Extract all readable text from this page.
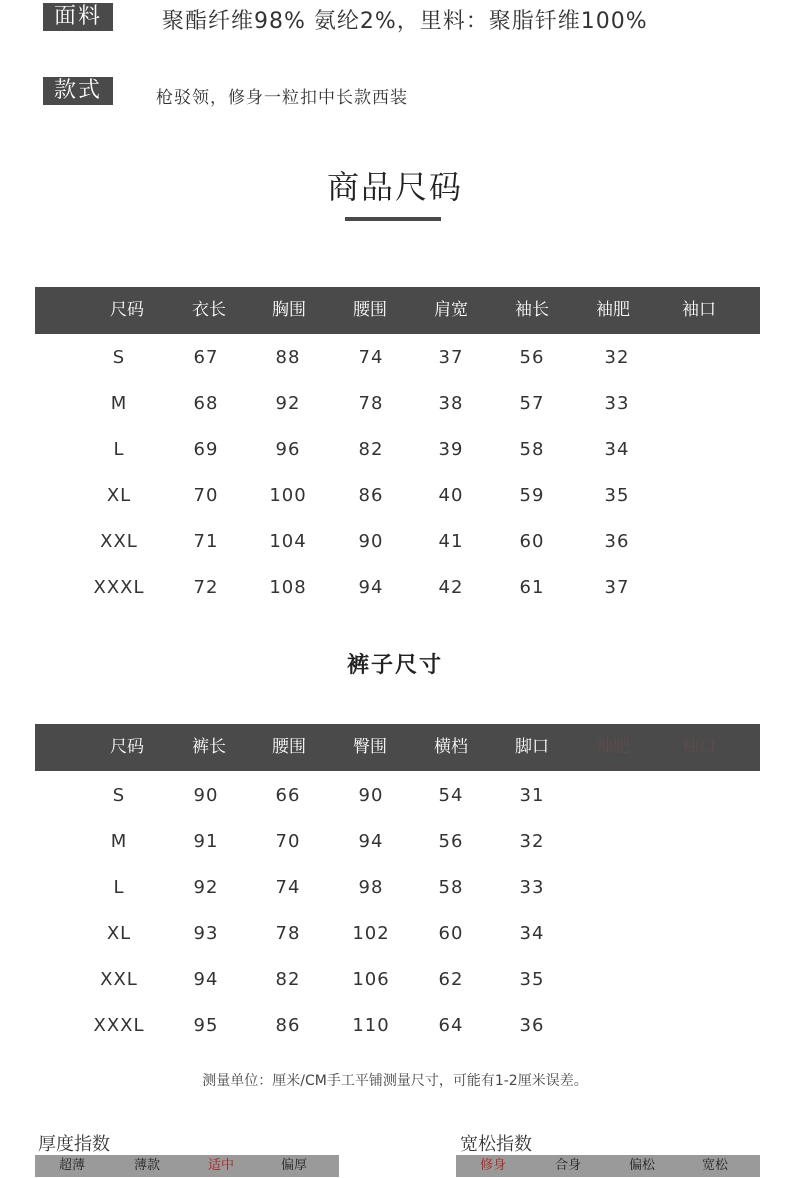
面料	聚酯纤维98% 氨纶2%，里料：聚脂钎维100%
款式	枪驳领，修身一粒扣中长款西装
商品尺码
尺码	衣长	胸围	腰围	肩宽	袖长	袖肥	袖口
S	67	88	74	37	56	32
M	68	92	78	38	57	33
L	69	96	82	39	58	34
XL	70	100	86	40	59	35
XXL	71	104	90	41	60	36
XXXL	72	108	94	42	61	37
裤子尺寸
尺码	裤长	腰围	臀围	横档	脚口	袖肥	袖口
S	90	66	90	54	31
M	91	70	94	56	32
L	92	74	98	58	33
XL	93	78	102	60	34
XXL	94	82	106	62	35
XXXL	95	86	110	64	36
测量单位：厘米/CM手工平铺测量尺寸，可能有1-2厘米误差。
厚度指数
超薄	薄款	适中	偏厚
宽松指数
修身	合身	偏松	宽松
